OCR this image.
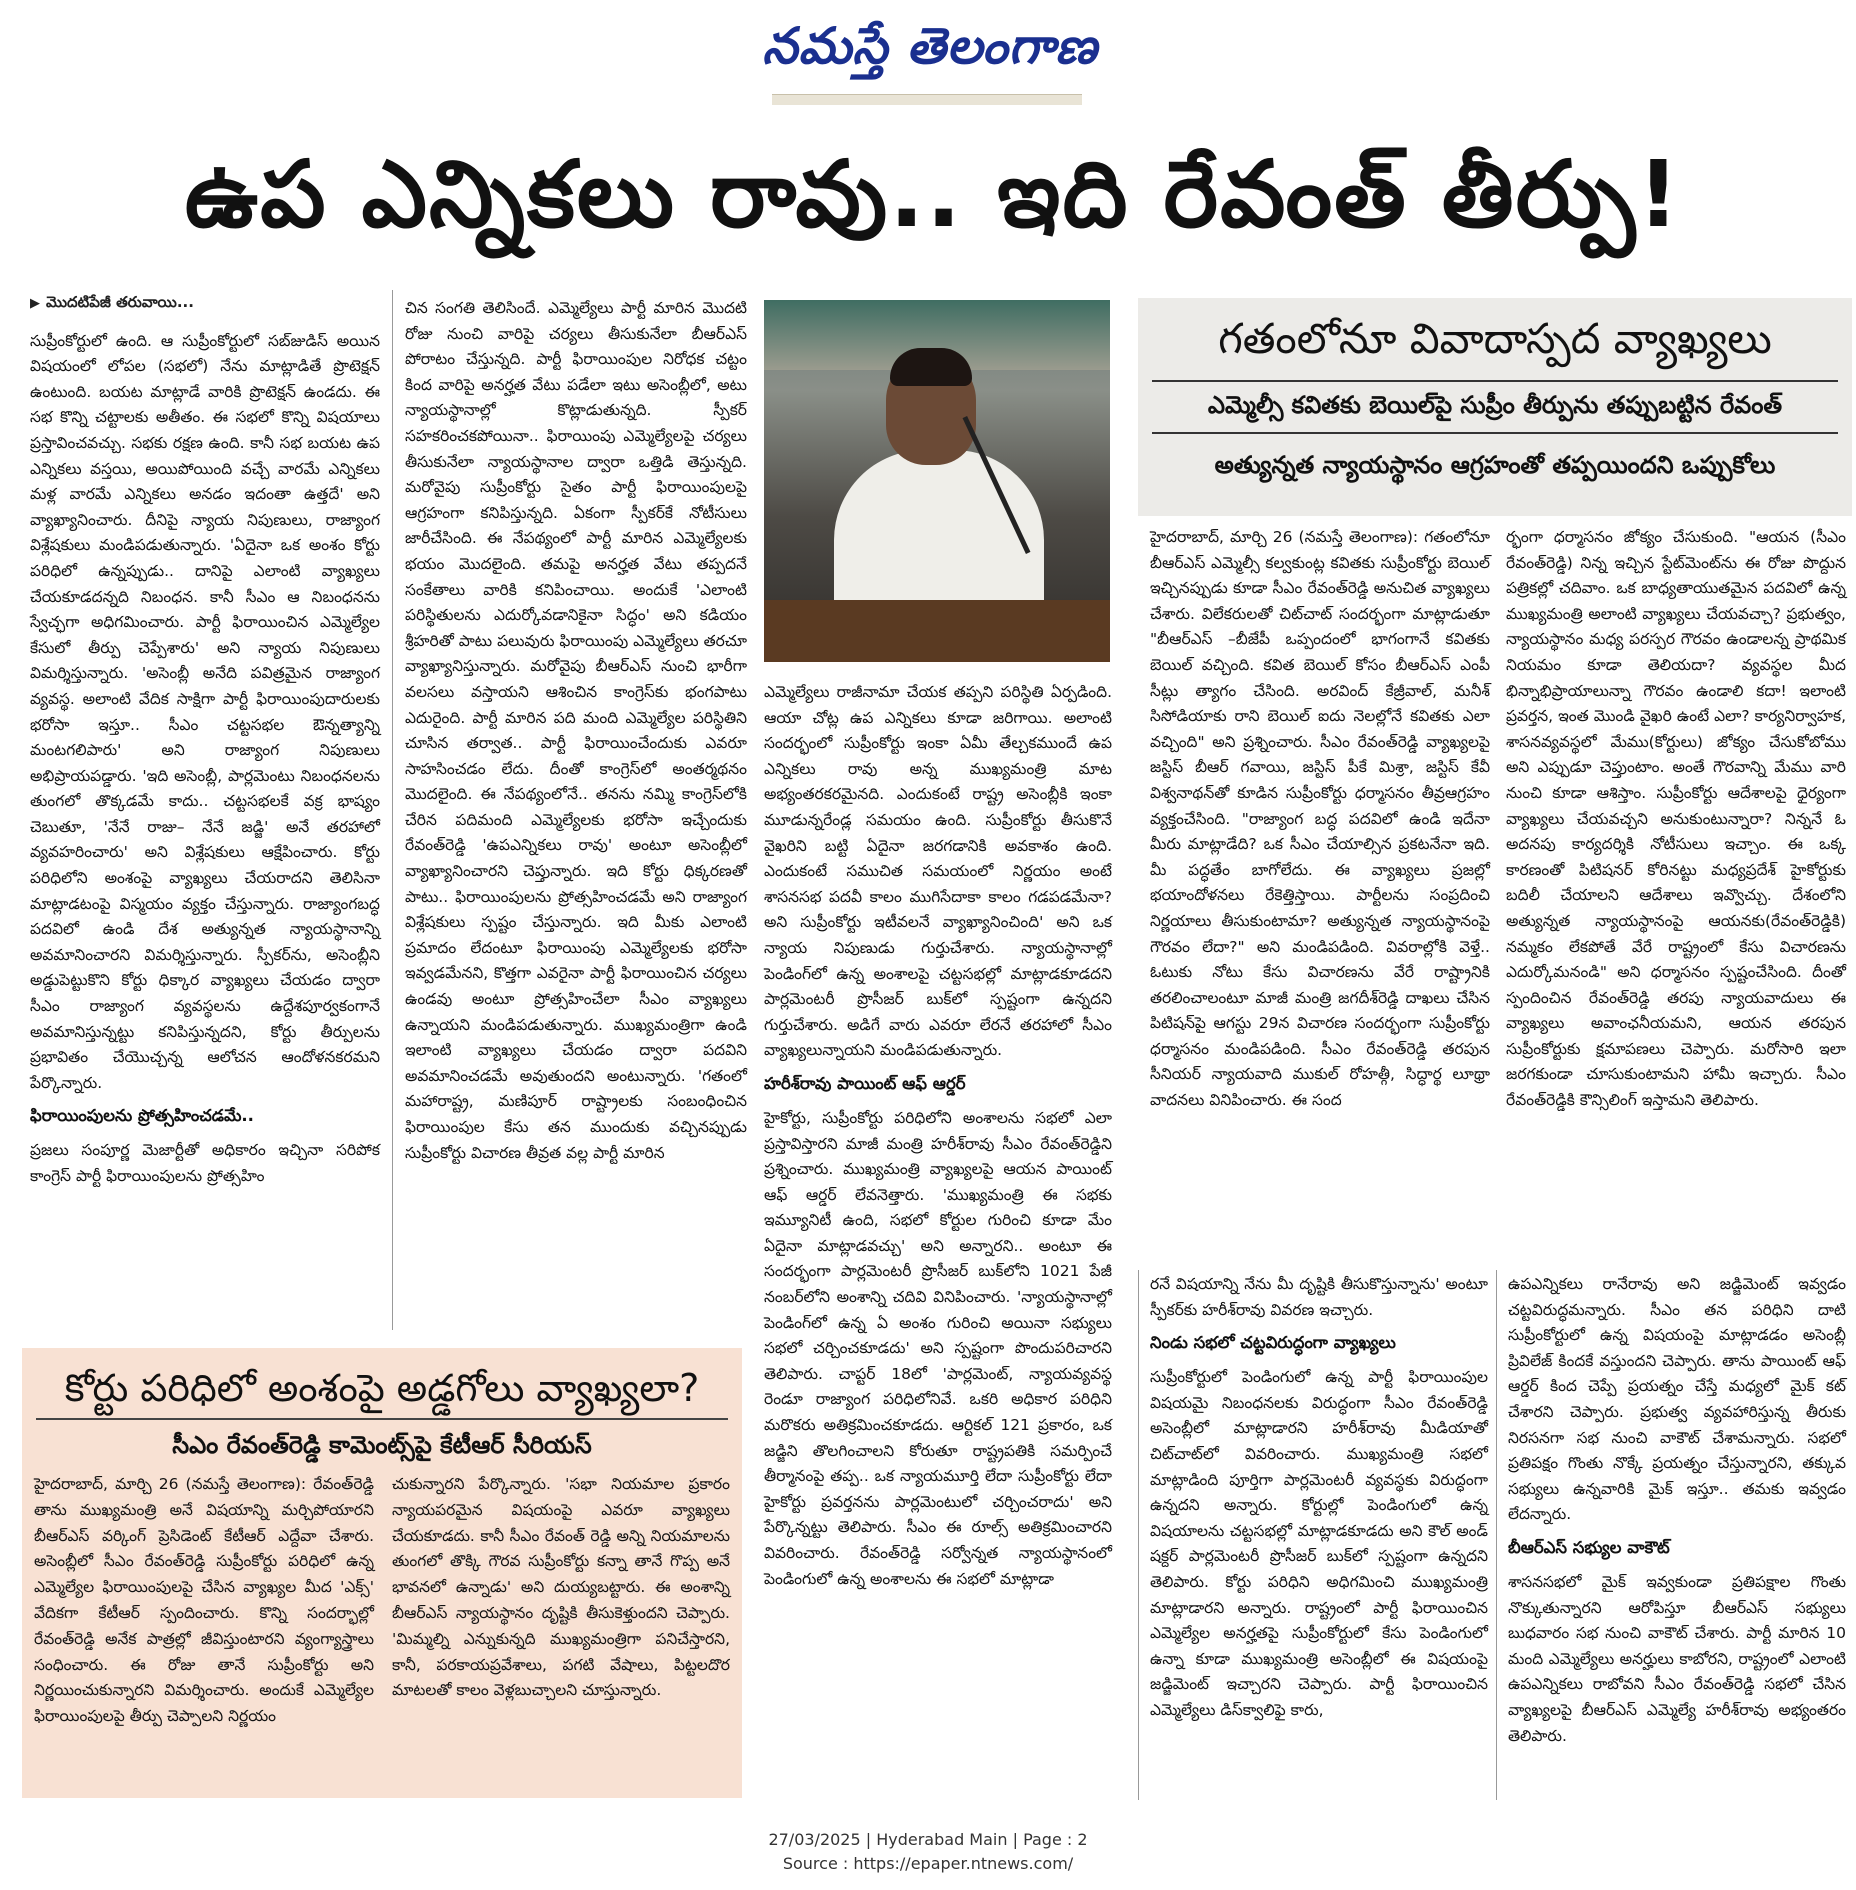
నమస్తే తెలంగాణ
ఉప ఎన్నికలు రావు.. ఇది రేవంత్ తీర్పు!
▶ మొదటిపేజీ తరువాయి...

సుప్రీంకోర్టులో ఉంది. ఆ సుప్రీంకోర్టులో సబ్‌జుడిస్ అయిన విషయంలో లోపల (సభలో) నేను మాట్లాడితే ప్రొటెక్షన్ ఉంటుంది. బయట మాట్లాడే వారికి ప్రొటెక్షన్ ఉండదు. ఈ సభ కొన్ని చట్టాలకు అతీతం. ఈ సభలో కొన్ని విషయాలు ప్రస్తావించవచ్చు. సభకు రక్షణ ఉంది. కానీ సభ బయట ఉప ఎన్నికలు వస్తయి, అయిపోయింది వచ్చే వారమే ఎన్నికలు మళ్ల వారమే ఎన్నికలు అనడం ఇదంతా ఉత్తదే' అని వ్యాఖ్యానించారు. దీనిపై న్యాయ నిపుణులు, రాజ్యాంగ విశ్లేషకులు మండిపడుతున్నారు. 'ఏదైనా ఒక అంశం కోర్టు పరిధిలో ఉన్నప్పుడు.. దానిపై ఎలాంటి వ్యాఖ్యలు చేయకూడదన్నది నిబంధన. కానీ సీఎం ఆ నిబంధనను స్వేచ్ఛగా అధిగమించారు. పార్టీ ఫిరాయించిన ఎమ్మెల్యేల కేసులో తీర్పు చెప్పేశారు' అని న్యాయ నిపుణులు విమర్శిస్తున్నారు. 'అసెంబ్లీ అనేది పవిత్రమైన రాజ్యాంగ వ్యవస్థ. అలాంటి వేదిక సాక్షిగా పార్టీ ఫిరాయింపుదారులకు భరోసా ఇస్తూ.. సీఎం చట్టసభల ఔన్నత్యాన్ని మంటగలిపారు' అని రాజ్యాంగ నిపుణులు అభిప్రాయపడ్డారు. 'ఇది అసెంబ్లీ, పార్లమెంటు నిబంధనలను తుంగలో తొక్కడమే కాదు.. చట్టసభలకే వక్ర భాష్యం చెబుతూ, 'నేనే రాజు– నేనే జడ్జి' అనే తరహాలో వ్యవహరించారు' అని విశ్లేషకులు ఆక్షేపించారు. కోర్టు పరిధిలోని అంశంపై వ్యాఖ్యలు చేయరాదని తెలిసినా మాట్లాడటంపై విస్మయం వ్యక్తం చేస్తున్నారు. రాజ్యాంగబద్ధ పదవిలో ఉండి దేశ అత్యున్నత న్యాయస్థానాన్ని అవమానించారని విమర్శిస్తున్నారు. స్పీకర్‌ను, అసెంబ్లీని అడ్డుపెట్టుకొని కోర్టు ధిక్కార వ్యాఖ్యలు చేయడం ద్వారా సీఎం రాజ్యాంగ వ్యవస్థలను ఉద్దేశపూర్వకంగానే అవమానిస్తున్నట్టు కనిపిస్తున్నదని, కోర్టు తీర్పులను ప్రభావితం చేయొచ్చన్న ఆలోచన ఆందోళనకరమని పేర్కొన్నారు.

ఫిరాయింపులను ప్రోత్సహించడమే..

ప్రజలు సంపూర్ణ మెజార్టీతో అధికారం ఇచ్చినా సరిపోక కాంగ్రెస్ పార్టీ ఫిరాయింపులను ప్రోత్సహిం

చిన సంగతి తెలిసిందే. ఎమ్మెల్యేలు పార్టీ మారిన మొదటి రోజు నుంచి వారిపై చర్యలు తీసుకునేలా బీఆర్‌ఎస్ పోరాటం చేస్తున్నది. పార్టీ ఫిరాయింపుల నిరోధక చట్టం కింద వారిపై అనర్హత వేటు పడేలా ఇటు అసెంబ్లీలో, అటు న్యాయస్థానాల్లో కొట్లాడుతున్నది. స్పీకర్ సహకరించకపోయినా.. ఫిరాయింపు ఎమ్మెల్యేలపై చర్యలు తీసుకునేలా న్యాయస్థానాల ద్వారా ఒత్తిడి తెస్తున్నది. మరోవైపు సుప్రీంకోర్టు సైతం పార్టీ ఫిరాయింపులపై ఆగ్రహంగా కనిపిస్తున్నది. ఏకంగా స్పీకర్‌కే నోటీసులు జారీచేసింది. ఈ నేపథ్యంలో పార్టీ మారిన ఎమ్మెల్యేలకు భయం మొదలైంది. తమపై అనర్హత వేటు తప్పదనే సంకేతాలు వారికి కనిపించాయి. అందుకే 'ఎలాంటి పరిస్థితులను ఎదుర్కోవడానికైనా సిద్ధం' అని కడియం శ్రీహరితో పాటు పలువురు ఫిరాయింపు ఎమ్మెల్యేలు తరచూ వ్యాఖ్యానిస్తున్నారు. మరోవైపు బీఆర్‌ఎస్ నుంచి భారీగా వలసలు వస్తాయని ఆశించిన కాంగ్రెస్‌కు భంగపాటు ఎదురైంది. పార్టీ మారిన పది మంది ఎమ్మెల్యేల పరిస్థితిని చూసిన తర్వాత.. పార్టీ ఫిరాయించేందుకు ఎవరూ సాహసించడం లేదు. దీంతో కాంగ్రెస్‌లో అంతర్మథనం మొదలైంది. ఈ నేపథ్యంలోనే.. తనను నమ్మి కాంగ్రెస్‌లోకి చేరిన పదిమంది ఎమ్మెల్యేలకు భరోసా ఇచ్చేందుకు రేవంత్‌రెడ్డి 'ఉపఎన్నికలు రావు' అంటూ అసెంబ్లీలో వ్యాఖ్యానించారని చెప్తున్నారు. ఇది కోర్టు ధిక్కరణతో పాటు.. ఫిరాయింపులను ప్రోత్సహించడమే అని రాజ్యాంగ విశ్లేషకులు స్పష్టం చేస్తున్నారు. ఇది మీకు ఎలాంటి ప్రమాదం లేదంటూ ఫిరాయింపు ఎమ్మెల్యేలకు భరోసా ఇవ్వడమేనని, కొత్తగా ఎవరైనా పార్టీ ఫిరాయించిన చర్యలు ఉండవు అంటూ ప్రోత్సహించేలా సీఎం వ్యాఖ్యలు ఉన్నాయని మండిపడుతున్నారు. ముఖ్యమంత్రిగా ఉండి ఇలాంటి వ్యాఖ్యలు చేయడం ద్వారా పదవిని అవమానించడమే అవుతుందని అంటున్నారు. 'గతంలో మహారాష్ట్ర, మణిపూర్ రాష్ట్రాలకు సంబంధించిన ఫిరాయింపుల కేసు తన ముందుకు వచ్చినప్పుడు సుప్రీంకోర్టు విచారణ తీవ్రత వల్ల పార్టీ మారిన

ఎమ్మెల్యేలు రాజీనామా చేయక తప్పని పరిస్థితి ఏర్పడింది. ఆయా చోట్ల ఉప ఎన్నికలు కూడా జరిగాయి. అలాంటి సందర్భంలో సుప్రీంకోర్టు ఇంకా ఏమీ తేల్చకముందే ఉప ఎన్నికలు రావు అన్న ముఖ్యమంత్రి మాట అభ్యంతరకరమైనది. ఎందుకంటే రాష్ట్ర అసెంబ్లీకి ఇంకా మూడున్నరేండ్ల సమయం ఉంది. సుప్రీంకోర్టు తీసుకొనే వైఖరిని బట్టి ఏదైనా జరగడానికి అవకాశం ఉంది. ఎందుకంటే సముచిత సమయంలో నిర్ణయం అంటే శాసనసభ పదవీ కాలం ముగిసేదాకా కాలం గడపడమేనా? అని సుప్రీంకోర్టు ఇటీవలనే వ్యాఖ్యానించింది' అని ఒక న్యాయ నిపుణుడు గుర్తుచేశారు. న్యాయస్థానాల్లో పెండింగ్‌లో ఉన్న అంశాలపై చట్టసభల్లో మాట్లాడకూడదని పార్లమెంటరీ ప్రొసీజర్ బుక్‌లో స్పష్టంగా ఉన్నదని గుర్తుచేశారు. అడిగే వారు ఎవరూ లేరనే తరహాలో సీఎం వ్యాఖ్యలున్నాయని మండిపడుతున్నారు.

హరీశ్‌రావు పాయింట్ ఆఫ్ ఆర్డర్

హైకోర్టు, సుప్రీంకోర్టు పరిధిలోని అంశాలను సభలో ఎలా ప్రస్తావిస్తారని మాజీ మంత్రి హరీశ్‌రావు సీఎం రేవంత్‌రెడ్డిని ప్రశ్నించారు. ముఖ్యమంత్రి వ్యాఖ్యలపై ఆయన పాయింట్ ఆఫ్ ఆర్డర్ లేవనెత్తారు. 'ముఖ్యమంత్రి ఈ సభకు ఇమ్యూనిటీ ఉంది, సభలో కోర్టుల గురించి కూడా మేం ఏదైనా మాట్లాడవచ్చు' అని అన్నారని.. అంటూ ఈ సందర్భంగా పార్లమెంటరీ ప్రొసీజర్ బుక్‌లోని 1021 పేజీ నంబర్‌లోని అంశాన్ని చదివి వినిపించారు. 'న్యాయస్థానాల్లో పెండింగ్‌లో ఉన్న ఏ అంశం గురించి అయినా సభ్యులు సభలో చర్చించకూడదు' అని స్పష్టంగా పొందుపరిచారని తెలిపారు. చాప్టర్ 18లో 'పార్లమెంట్, న్యాయవ్యవస్థ రెండూ రాజ్యాంగ పరిధిలోనివే. ఒకరి అధికార పరిధిని మరొకరు అతిక్రమించకూడదు. ఆర్టికల్ 121 ప్రకారం, ఒక జడ్జిని తొలగించాలని కోరుతూ రాష్ట్రపతికి సమర్పించే తీర్మానంపై తప్ప.. ఒక న్యాయమూర్తి లేదా సుప్రీంకోర్టు లేదా హైకోర్టు ప్రవర్తనను పార్లమెంటులో చర్చించరాదు' అని పేర్కొన్నట్టు తెలిపారు. సీఎం ఈ రూల్స్ అతిక్రమించారని వివరించారు. రేవంత్‌రెడ్డి సర్వోన్నత న్యాయస్థానంలో పెండింగులో ఉన్న అంశాలను ఈ సభలో మాట్లాడా

గతంలోనూ వివాదాస్పద వ్యాఖ్యలు
ఎమ్మెల్సీ కవితకు బెయిల్‌పై సుప్రీం తీర్పును తప్పుబట్టిన రేవంత్
అత్యున్నత న్యాయస్థానం ఆగ్రహంతో తప్పయిందని ఒప్పుకోలు

హైదరాబాద్, మార్చి 26 (నమస్తే తెలంగాణ): గతంలోనూ బీఆర్‌ఎస్ ఎమ్మెల్సీ కల్వకుంట్ల కవితకు సుప్రీంకోర్టు బెయిల్ ఇచ్చినప్పుడు కూడా సీఎం రేవంత్‌రెడ్డి అనుచిత వ్యాఖ్యలు చేశారు. విలేకరులతో చిట్‌చాట్ సందర్భంగా మాట్లాడుతూ "బీఆర్‌ఎస్ –బీజేపీ ఒప్పందంలో భాగంగానే కవితకు బెయిల్ వచ్చింది. కవిత బెయిల్ కోసం బీఆర్‌ఎస్ ఎంపీ సీట్లు త్యాగం చేసింది. అరవింద్ కేజ్రీవాల్, మనీశ్ సిసోడియాకు రాని బెయిల్ ఐదు నెలల్లోనే కవితకు ఎలా వచ్చింది" అని ప్రశ్నించారు. సీఎం రేవంత్‌రెడ్డి వ్యాఖ్యలపై జస్టిస్ బీఆర్ గవాయి, జస్టిస్ పీకే మిశ్రా, జస్టిస్ కేవీ విశ్వనాథన్‌తో కూడిన సుప్రీంకోర్టు ధర్మాసనం తీవ్రఆగ్రహం వ్యక్తంచేసింది. "రాజ్యాంగ బద్ధ పదవిలో ఉండి ఇదేనా మీరు మాట్లాడేది? ఒక సీఎం చేయాల్సిన ప్రకటనేనా ఇది. మీ పద్ధతేం బాగోలేదు. ఈ వ్యాఖ్యలు ప్రజల్లో భయాందోళనలు రేకెత్తిస్తాయి. పార్టీలను సంప్రదించి నిర్ణయాలు తీసుకుంటామా? అత్యున్నత న్యాయస్థానంపై గౌరవం లేదా?" అని మండిపడింది. వివరాల్లోకి వెళ్తే.. ఓటుకు నోటు కేసు విచారణను వేరే రాష్ట్రానికి తరలించాలంటూ మాజీ మంత్రి జగదీశ్‌రెడ్డి దాఖలు చేసిన పిటిషన్‌పై ఆగస్టు 29న విచారణ సందర్భంగా సుప్రీంకోర్టు ధర్మాసనం మండిపడింది. సీఎం రేవంత్‌రెడ్డి తరపున సీనియర్ న్యాయవాది ముకుల్ రోహత్గీ, సిద్ధార్థ లూథ్రా వాదనలు వినిపించారు. ఈ సంద

ర్భంగా ధర్మాసనం జోక్యం చేసుకుంది. "ఆయన (సీఎం రేవంత్‌రెడ్డి) నిన్న ఇచ్చిన స్టేట్‌మెంట్‌ను ఈ రోజు పొద్దున పత్రికల్లో చదివాం. ఒక బాధ్యతాయుతమైన పదవిలో ఉన్న ముఖ్యమంత్రి అలాంటి వ్యాఖ్యలు చేయవచ్చా? ప్రభుత్వం, న్యాయస్థానం మధ్య పరస్పర గౌరవం ఉండాలన్న ప్రాథమిక నియమం కూడా తెలియదా? వ్యవస్థల మీద భిన్నాభిప్రాయాలున్నా గౌరవం ఉండాలి కదా! ఇలాంటి ప్రవర్తన, ఇంత మొండి వైఖరి ఉంటే ఎలా? కార్యనిర్వాహక, శాసనవ్యవస్థలో మేము(కోర్టులు) జోక్యం చేసుకోబోము అని ఎప్పుడూ చెప్తుంటాం. అంతే గౌరవాన్ని మేము వారి నుంచి కూడా ఆశిస్తాం. సుప్రీంకోర్టు ఆదేశాలపై ధైర్యంగా వ్యాఖ్యలు చేయవచ్చని అనుకుంటున్నారా? నిన్ననే ఓ అదనపు కార్యదర్శికి నోటీసులు ఇచ్చాం. ఈ ఒక్క కారణంతో పిటిషనర్ కోరినట్టు మధ్యప్రదేశ్ హైకోర్టుకు బదిలీ చేయాలని ఆదేశాలు ఇవ్వొచ్చు. దేశంలోని అత్యున్నత న్యాయస్థానంపై ఆయనకు(రేవంత్‌రెడ్డికి) నమ్మకం లేకపోతే వేరే రాష్ట్రంలో కేసు విచారణను ఎదుర్కోమనండి" అని ధర్మాసనం స్పష్టంచేసింది. దీంతో స్పందించిన రేవంత్‌రెడ్డి తరపు న్యాయవాదులు ఈ వ్యాఖ్యలు అవాంఛనీయమని, ఆయన తరపున సుప్రీంకోర్టుకు క్షమాపణలు చెప్పారు. మరోసారి ఇలా జరగకుండా చూసుకుంటామని హామీ ఇచ్చారు. సీఎం రేవంత్‌రెడ్డికి కౌన్సిలింగ్ ఇస్తామని తెలిపారు.

రనే విషయాన్ని నేను మీ దృష్టికి తీసుకొస్తున్నాను' అంటూ స్పీకర్‌కు హరీశ్‌రావు వివరణ ఇచ్చారు.

నిండు సభలో చట్టవిరుద్ధంగా వ్యాఖ్యలు

సుప్రీంకోర్టులో పెండింగులో ఉన్న పార్టీ ఫిరాయింపుల విషయమై నిబంధనలకు విరుద్ధంగా సీఎం రేవంత్‌రెడ్డి అసెంబ్లీలో మాట్లాడారని హరీశ్‌రావు మీడియాతో చిట్‌చాట్‌లో వివరించారు. ముఖ్యమంత్రి సభలో మాట్లాడింది పూర్తిగా పార్లమెంటరీ వ్యవస్థకు విరుద్ధంగా ఉన్నదని అన్నారు. కోర్టుల్లో పెండింగులో ఉన్న విషయాలను చట్టసభల్లో మాట్లాడకూడదు అని కౌల్ అండ్ షక్దర్ పార్లమెంటరీ ప్రొసీజర్ బుక్‌లో స్పష్టంగా ఉన్నదని తెలిపారు. కోర్టు పరిధిని అధిగమించి ముఖ్యమంత్రి మాట్లాడారని అన్నారు. రాష్ట్రంలో పార్టీ ఫిరాయించిన ఎమ్మెల్యేల అనర్హతపై సుప్రీంకోర్టులో కేసు పెండింగులో ఉన్నా కూడా ముఖ్యమంత్రి అసెంబ్లీలో ఈ విషయంపై జడ్జిమెంట్ ఇచ్చారని చెప్పారు. పార్టీ ఫిరాయించిన ఎమ్మెల్యేలు డిస్‌క్వాలిఫై కారు,

ఉపఎన్నికలు రానేరావు అని జడ్జిమెంట్ ఇవ్వడం చట్టవిరుద్ధమన్నారు. సీఎం తన పరిధిని దాటి సుప్రీంకోర్టులో ఉన్న విషయంపై మాట్లాడడం అసెంబ్లీ ప్రివిలేజ్ కిందకే వస్తుందని చెప్పారు. తాను పాయింట్ ఆఫ్ ఆర్డర్ కింద చెప్పే ప్రయత్నం చేస్తే మధ్యలో మైక్ కట్ చేశారని చెప్పారు. ప్రభుత్వ వ్యవహారిస్తున్న తీరుకు నిరసనగా సభ నుంచి వాకౌట్ చేశామన్నారు. సభలో ప్రతిపక్షం గొంతు నొక్కే ప్రయత్నం చేస్తున్నారని, తక్కువ సభ్యులు ఉన్నవారికి మైక్ ఇస్తూ.. తమకు ఇవ్వడం లేదన్నారు.

బీఆర్‌ఎస్ సభ్యుల వాకౌట్

శాసనసభలో మైక్ ఇవ్వకుండా ప్రతిపక్షాల గొంతు నొక్కుతున్నారని ఆరోపిస్తూ బీఆర్‌ఎస్ సభ్యులు బుధవారం సభ నుంచి వాకౌట్ చేశారు. పార్టీ మారిన 10 మంది ఎమ్మెల్యేలు అనర్హులు కాబోరని, రాష్ట్రంలో ఎలాంటి ఉపఎన్నికలు రాబోవని సీఎం రేవంత్‌రెడ్డి సభలో చేసిన వ్యాఖ్యలపై బీఆర్‌ఎస్ ఎమ్మెల్యే హరీశ్‌రావు అభ్యంతరం తెలిపారు.

కోర్టు పరిధిలో అంశంపై అడ్డగోలు వ్యాఖ్యలా?
సీఎం రేవంత్‌రెడ్డి కామెంట్స్‌పై కేటీఆర్ సీరియస్

హైదరాబాద్, మార్చి 26 (నమస్తే తెలంగాణ): రేవంత్‌రెడ్డి తాను ముఖ్యమంత్రి అనే విషయాన్ని మర్చిపోయారని బీఆర్‌ఎస్ వర్కింగ్ ప్రెసిడెంట్ కేటీఆర్ ఎద్దేవా చేశారు. అసెంబ్లీలో సీఎం రేవంత్‌రెడ్డి సుప్రీంకోర్టు పరిధిలో ఉన్న ఎమ్మెల్యేల ఫిరాయింపులపై చేసిన వ్యాఖ్యల మీద 'ఎక్స్' వేదికగా కేటీఆర్ స్పందించారు. కొన్ని సందర్భాల్లో రేవంత్‌రెడ్డి అనేక పాత్రల్లో జీవిస్తుంటారని వ్యంగ్యాస్త్రాలు సంధించారు. ఈ రోజు తానే సుప్రీంకోర్టు అని నిర్ణయించుకున్నారని విమర్శించారు. అందుకే ఎమ్మెల్యేల ఫిరాయింపులపై తీర్పు చెప్పాలని నిర్ణయం

చుకున్నారని పేర్కొన్నారు. 'సభా నియమాల ప్రకారం న్యాయపరమైన విషయంపై ఎవరూ వ్యాఖ్యలు చేయకూడదు. కానీ సీఎం రేవంత్ రెడ్డి అన్ని నియమాలను తుంగలో తొక్కి గౌరవ సుప్రీంకోర్టు కన్నా తానే గొప్ప అనే భావనలో ఉన్నాడు' అని దుయ్యబట్టారు. ఈ అంశాన్ని బీఆర్‌ఎస్ న్యాయస్థానం దృష్టికి తీసుకెళ్తుందని చెప్పారు. 'మిమ్మల్ని ఎన్నుకున్నది ముఖ్యమంత్రిగా పనిచేస్తారని, కానీ, పరకాయప్రవేశాలు, పగటి వేషాలు, పిట్టలదొర మాటలతో కాలం వెళ్లబుచ్చాలని చూస్తున్నారు.

27/03/2025 | Hyderabad Main | Page : 2
Source : https://epaper.ntnews.com/
